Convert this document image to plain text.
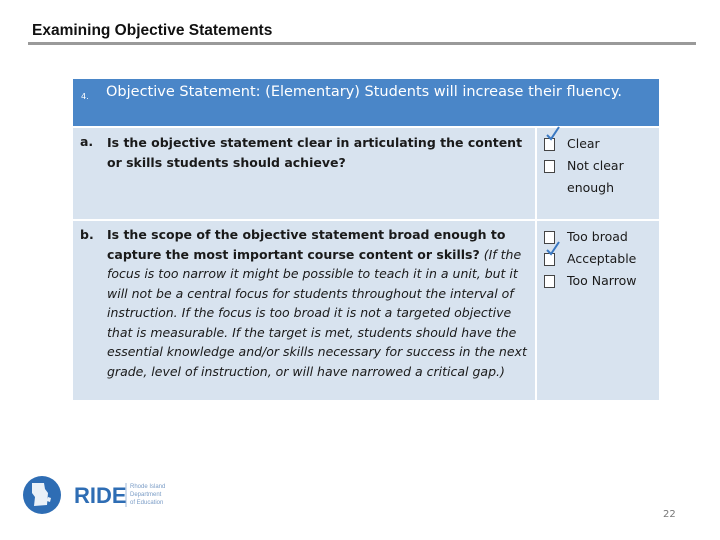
Examining Objective Statements
4. Objective Statement: (Elementary) Students will increase their fluency.
a. Is the objective statement clear in articulating the content or skills students should achieve?
Clear
Not clear enough
b. Is the scope of the objective statement broad enough to capture the most important course content or skills? (If the focus is too narrow it might be possible to teach it in a unit, but it will not be a central focus for students throughout the interval of instruction. If the focus is too broad it is not a targeted objective that is measurable. If the target is met, students should have the essential knowledge and/or skills necessary for success in the next grade, level of instruction, or will have narrowed a critical gap.)
Too broad
Acceptable
Too Narrow
RIDE Rhode Island
Department
of Education
22
